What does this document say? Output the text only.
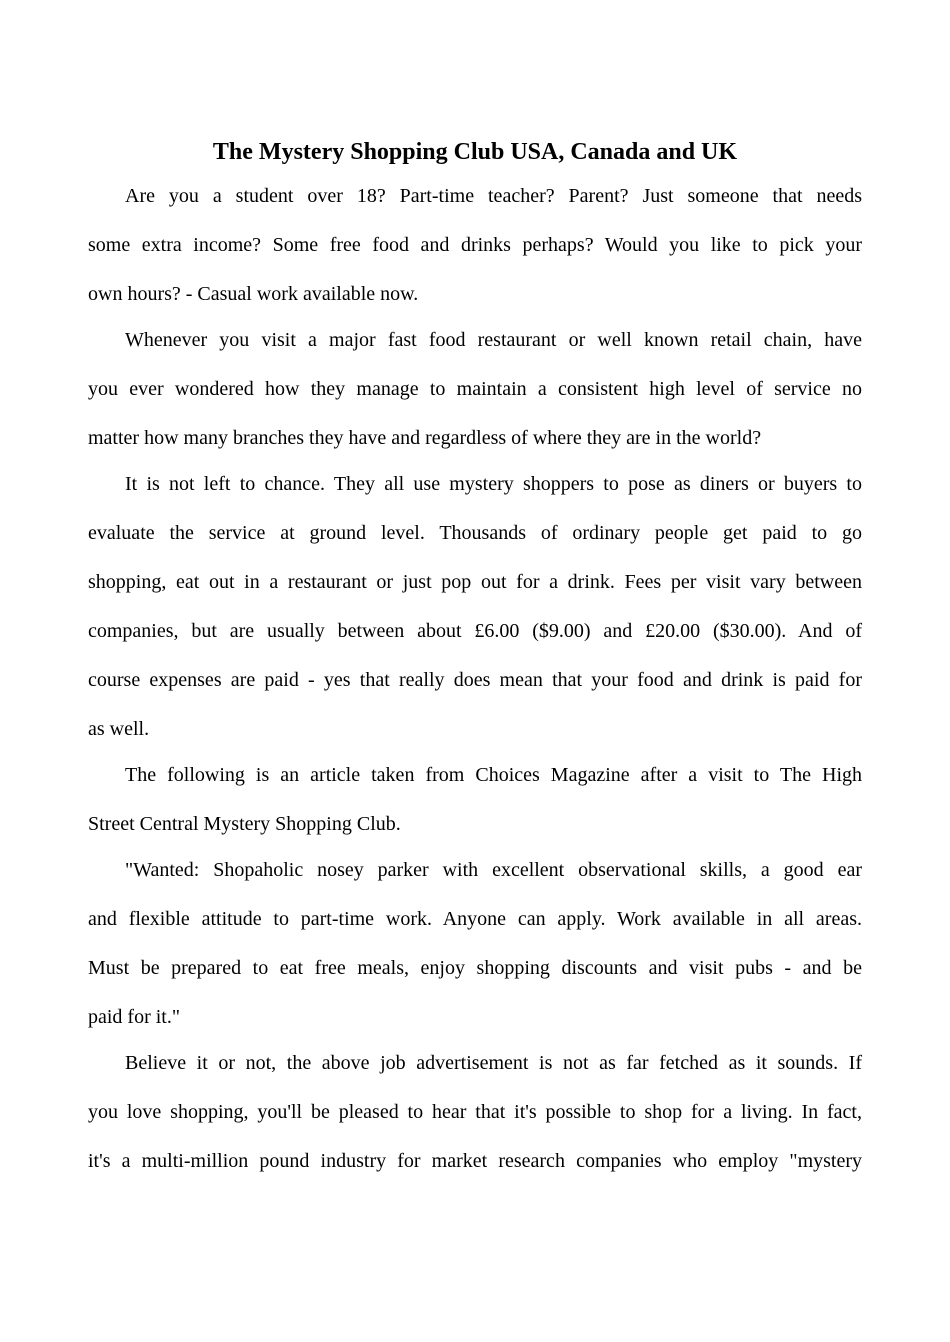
The Mystery Shopping Club USA, Canada and UK
Are you a student over 18? Part-time teacher? Parent? Just someone that needs
some extra income? Some free food and drinks perhaps? Would you like to pick your
own hours? - Casual work available now.
Whenever you visit a major fast food restaurant or well known retail chain, have
you ever wondered how they manage to maintain a consistent high level of service no
matter how many branches they have and regardless of where they are in the world?
It is not left to chance. They all use mystery shoppers to pose as diners or buyers to
evaluate the service at ground level. Thousands of ordinary people get paid to go
shopping, eat out in a restaurant or just pop out for a drink. Fees per visit vary between
companies, but are usually between about £6.00 ($9.00) and £20.00 ($30.00). And of
course expenses are paid - yes that really does mean that your food and drink is paid for
as well.
The following is an article taken from Choices Magazine after a visit to The High
Street Central Mystery Shopping Club.
"Wanted: Shopaholic nosey parker with excellent observational skills, a good ear
and flexible attitude to part-time work. Anyone can apply. Work available in all areas.
Must be prepared to eat free meals, enjoy shopping discounts and visit pubs - and be
paid for it."
Believe it or not, the above job advertisement is not as far fetched as it sounds. If
you love shopping, you'll be pleased to hear that it's possible to shop for a living. In fact,
it's a multi-million pound industry for market research companies who employ "mystery
